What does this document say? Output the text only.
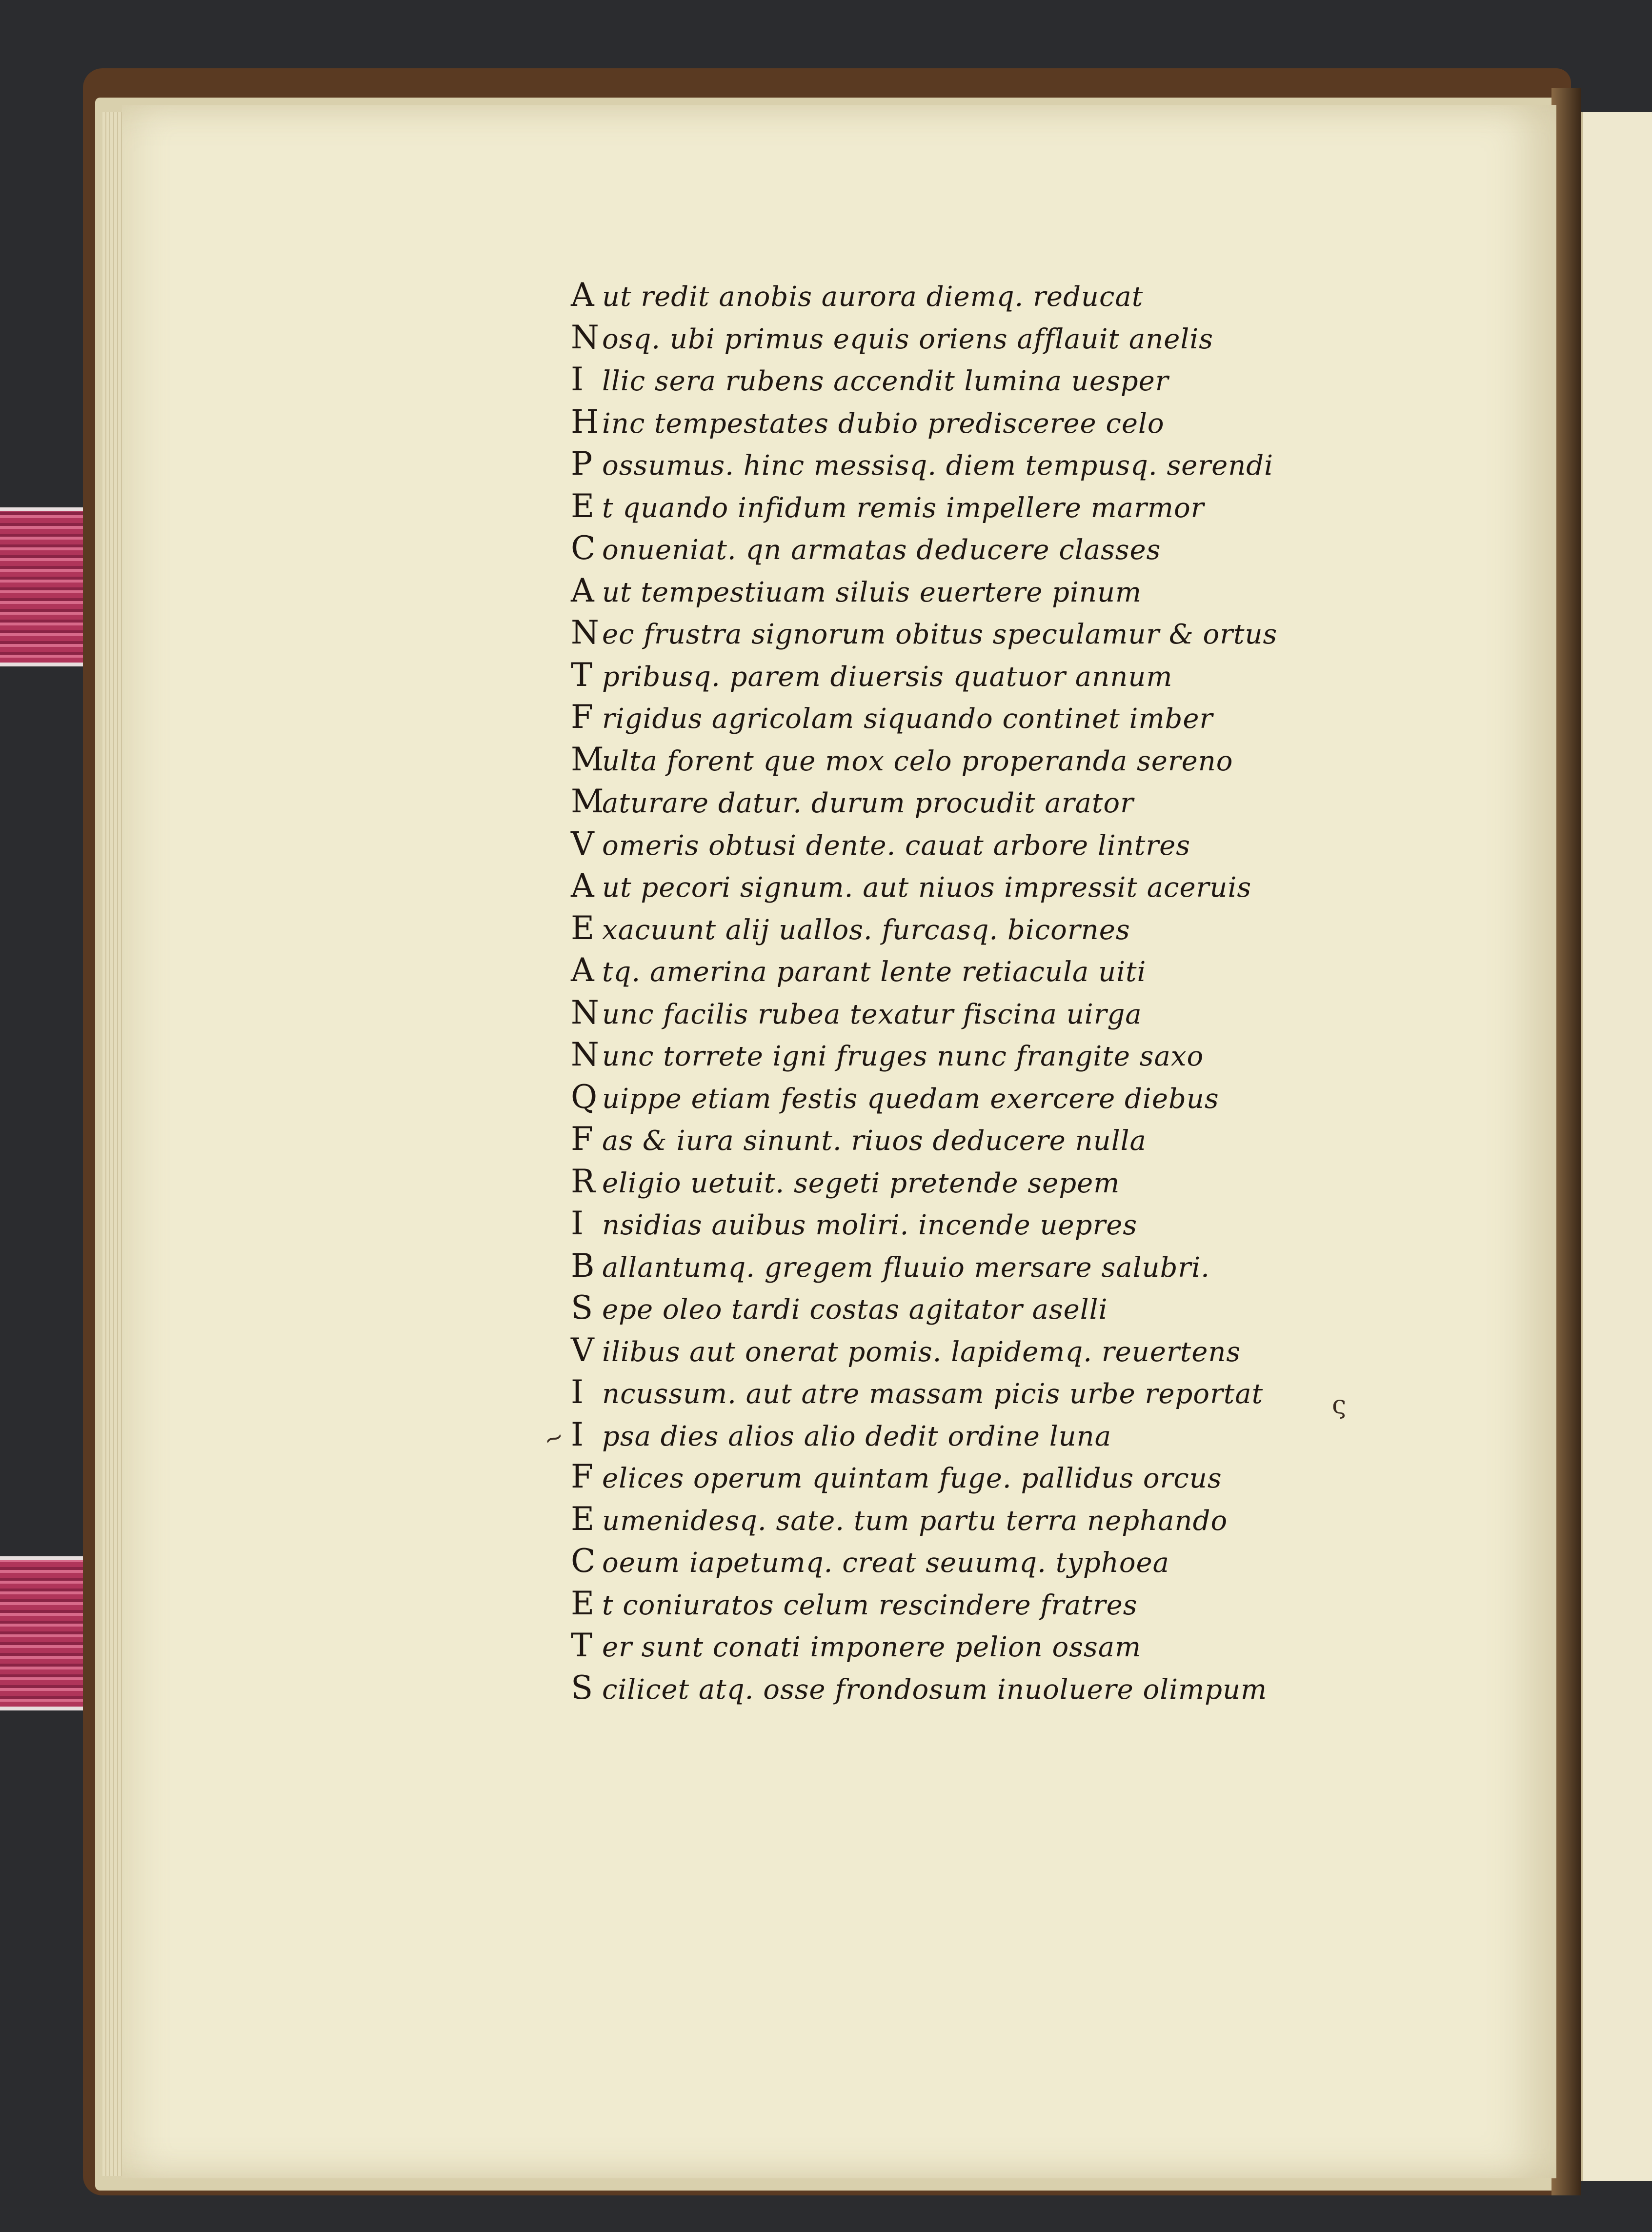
A ut redit anobis aurora diemq. reducat
Nosq. ubi primus equis oriens afflauit anelis
I llic sera rubens accendit lumina uesper
Hinc tempestates dubio predisceree celo
P ossumus. hinc messisq. diem tempusq. serendi
E t quando infidum remis impellere marmor
C onueniat. qn armatas deducere classes
A ut tempestiuam siluis euertere pinum
Nec frustra signorum obitus speculamur & ortus
T pribusq. parem diuersis quatuor annum
F rigidus agricolam siquando continet imber
Multa forent que mox celo properanda sereno
Maturare datur. durum procudit arator
V omeris obtusi dente. cauat arbore lintres
A ut pecori signum. aut niuos impressit aceruis
E xacuunt alij uallos. furcasq. bicornes
A tq. amerina parant lente retiacula uiti
Nunc facilis rubea texatur fiscina uirga
Nunc torrete igni fruges nunc frangite saxo
Q uippe etiam festis quedam exercere diebus
F as & iura sinunt. riuos deducere nulla
R eligio uetuit. segeti pretende sepem
I nsidias auibus moliri. incende uepres
B allantumq. gregem fluuio mersare salubri.
S epe oleo tardi costas agitator aselli
V ilibus aut onerat pomis. lapidemq. reuertens
I ncussum. aut atre massam picis urbe reportat
I psa dies alios alio dedit ordine luna
F elices operum quintam fuge. pallidus orcus
E umenidesq. sate. tum partu terra nephando
C oeum iapetumq. creat seuumq. typhoea
E t coniuratos celum rescindere fratres
T er sunt conati imponere pelion ossam
S cilicet atq. osse frondosum inuoluere olimpum
~
ς
